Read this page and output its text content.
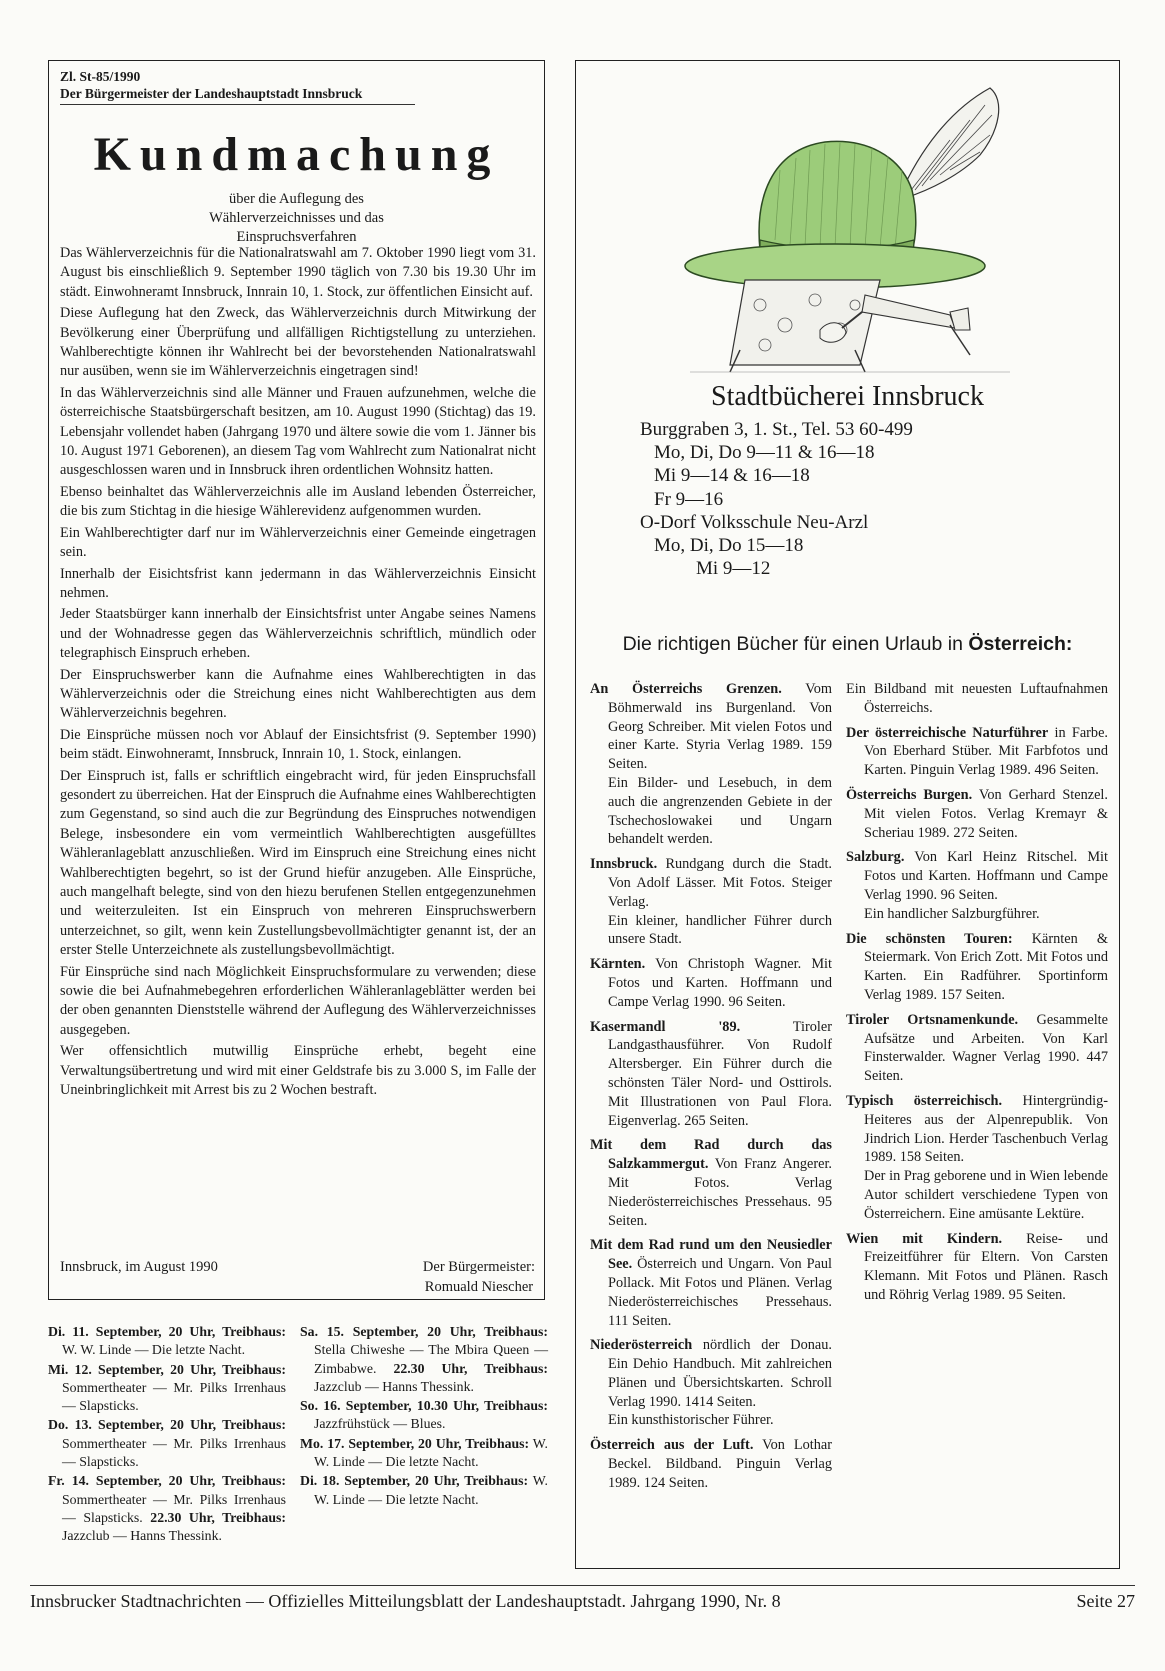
Zl. St-85/1990
Der Bürgermeister der Landeshauptstadt Innsbruck
Kundmachung
über die Auflegung des Wählerverzeichnisses und das Einspruchsverfahren

Das Wählerverzeichnis für die Nationalratswahl am 7. Oktober 1990 liegt vom 31. August bis einschließlich 9. September 1990 täglich von 7.30 bis 19.30 Uhr im städt. Einwohneramt Innsbruck, Innrain 10, 1. Stock, zur öffentlichen Einsicht auf.

Diese Auflegung hat den Zweck, das Wählerverzeichnis durch Mitwirkung der Bevölkerung einer Überprüfung und allfälligen Richtigstellung zu unterziehen. Wahlberechtigte können ihr Wahlrecht bei der bevorstehenden Nationalratswahl nur ausüben, wenn sie im Wählerverzeichnis eingetragen sind!

In das Wählerverzeichnis sind alle Männer und Frauen aufzunehmen, welche die österreichische Staatsbürgerschaft besitzen, am 10. August 1990 (Stichtag) das 19. Lebensjahr vollendet haben (Jahrgang 1970 und ältere sowie die vom 1. Jänner bis 10. August 1971 Geborenen), an diesem Tag vom Wahlrecht zum Nationalrat nicht ausgeschlossen waren und in Innsbruck ihren ordentlichen Wohnsitz hatten.

Ebenso beinhaltet das Wählerverzeichnis alle im Ausland lebenden Österreicher, die bis zum Stichtag in die hiesige Wählerevidenz aufgenommen wurden.

Ein Wahlberechtigter darf nur im Wählerverzeichnis einer Gemeinde eingetragen sein.

Innerhalb der Eisichtsfrist kann jedermann in das Wählerverzeichnis Einsicht nehmen.

Jeder Staatsbürger kann innerhalb der Einsichtsfrist unter Angabe seines Namens und der Wohnadresse gegen das Wählerverzeichnis schriftlich, mündlich oder telegraphisch Einspruch erheben.

Der Einspruchswerber kann die Aufnahme eines Wahlberechtigten in das Wählerverzeichnis oder die Streichung eines nicht Wahlberechtigten aus dem Wählerverzeichnis begehren.

Die Einsprüche müssen noch vor Ablauf der Einsichtsfrist (9. September 1990) beim städt. Einwohneramt, Innsbruck, Innrain 10, 1. Stock, einlangen.

Der Einspruch ist, falls er schriftlich eingebracht wird, für jeden Einspruchsfall gesondert zu überreichen. Hat der Einspruch die Aufnahme eines Wahlberechtigten zum Gegenstand, so sind auch die zur Begründung des Einspruches notwendigen Belege, insbesondere ein vom vermeintlich Wahlberechtigten ausgefülltes Wähleranlageblatt anzuschließen. Wird im Einspruch eine Streichung eines nicht Wahlberechtigten begehrt, so ist der Grund hiefür anzugeben. Alle Einsprüche, auch mangelhaft belegte, sind von den hiezu berufenen Stellen entgegenzunehmen und weiterzuleiten. Ist ein Einspruch von mehreren Einspruchswerbern unterzeichnet, so gilt, wenn kein Zustellungsbevollmächtigter genannt ist, der an erster Stelle Unterzeichnete als zustellungsbevollmächtigt.

Für Einsprüche sind nach Möglichkeit Einspruchsformulare zu verwenden; diese sowie die bei Aufnahmebegehren erforderlichen Wähleranlageblätter werden bei der oben genannten Dienststelle während der Auflegung des Wählerverzeichnisses ausgegeben.

Wer offensichtlich mutwillig Einsprüche erhebt, begeht eine Verwaltungsübertretung und wird mit einer Geldstrafe bis zu 3.000 S, im Falle der Uneinbringlichkeit mit Arrest bis zu 2 Wochen bestraft.

Innsbruck, im August 1990	Der Bürgermeister:
Romuald Niescher
Di. 11. September, 20 Uhr, Treibhaus: W. W. Linde — Die letzte Nacht.
Mi. 12. September, 20 Uhr, Treibhaus: Sommertheater — Mr. Pilks Irrenhaus — Slapsticks.
Do. 13. September, 20 Uhr, Treibhaus: Sommertheater — Mr. Pilks Irrenhaus — Slapsticks.
Fr. 14. September, 20 Uhr, Treibhaus: Sommertheater — Mr. Pilks Irrenhaus — Slapsticks. 22.30 Uhr, Treibhaus: Jazzclub — Hanns Thessink.
Sa. 15. September, 20 Uhr, Treibhaus: Stella Chiweshe — The Mbira Queen — Zimbabwe. 22.30 Uhr, Treibhaus: Jazzclub — Hanns Thessink.
So. 16. September, 10.30 Uhr, Treibhaus: Jazzfrühstück — Blues.
Mo. 17. September, 20 Uhr, Treibhaus: W. W. Linde — Die letzte Nacht.
Di. 18. September, 20 Uhr, Treibhaus: W. W. Linde — Die letzte Nacht.
Stadtbücherei Innsbruck
Burggraben 3, 1. St., Tel. 53 60-499
Mo, Di, Do 9—11 & 16—18
Mi 9—14 & 16—18
Fr 9—16
O-Dorf Volksschule Neu-Arzl
Mo, Di, Do 15—18
Mi 9—12
Die richtigen Bücher für einen Urlaub in Österreich:
An Österreichs Grenzen. Vom Böhmerwald ins Burgenland. Von Georg Schreiber. Mit vielen Fotos und einer Karte. Styria Verlag 1989. 159 Seiten.
Ein Bilder- und Lesebuch, in dem auch die angrenzenden Gebiete in der Tschechoslowakei und Ungarn behandelt werden.
Innsbruck. Rundgang durch die Stadt. Von Adolf Lässer. Mit Fotos. Steiger Verlag.
Ein kleiner, handlicher Führer durch unsere Stadt.
Kärnten. Von Christoph Wagner. Mit Fotos und Karten. Hoffmann und Campe Verlag 1990. 96 Seiten.
Kasermandl '89.	Tiroler Landgasthausführer. Von Rudolf Altersberger. Ein Führer durch die schönsten Täler Nord- und Osttirols. Mit Illustrationen von Paul Flora. Eigenverlag. 265 Seiten.
Mit dem Rad durch das Salzkammergut. Von Franz Angerer. Mit Fotos. Verlag Niederösterreichisches Pressehaus. 95 Seiten.
Mit dem Rad rund um den Neusiedler See. Österreich und Ungarn. Von Paul Pollack. Mit Fotos und Plänen. Verlag Niederösterreichisches Pressehaus. 111 Seiten.
Niederösterreich nördlich der Donau. Ein Dehio Handbuch. Mit zahlreichen Plänen und Übersichtskarten. Schroll Verlag 1990. 1414 Seiten.
Ein kunsthistorischer Führer.
Österreich aus der Luft. Von Lothar Beckel. Bildband. Pinguin Verlag 1989. 124 Seiten.
Ein Bildband mit neuesten Luftaufnahmen Österreichs.
Der österreichische Naturführer in Farbe. Von Eberhard Stüber. Mit Farbfotos und Karten. Pinguin Verlag 1989. 496 Seiten.
Österreichs Burgen. Von Gerhard Stenzel. Mit vielen Fotos. Verlag Kremayr & Scheriau 1989. 272 Seiten.
Salzburg. Von Karl Heinz Ritschel. Mit Fotos und Karten. Hoffmann und Campe Verlag 1990. 96 Seiten.
Ein handlicher Salzburgführer.
Die schönsten Touren: Kärnten & Steiermark. Von Erich Zott. Mit Fotos und Karten. Ein Radführer. Sportinform Verlag 1989. 157 Seiten.
Tiroler Ortsnamenkunde. Gesammelte Aufsätze und Arbeiten. Von Karl Finsterwalder. Wagner Verlag 1990. 447 Seiten.
Typisch österreichisch. Hintergründig-Heiteres aus der Alpenrepublik. Von Jindrich Lion. Herder Taschenbuch Verlag 1989. 158 Seiten.
Der in Prag geborene und in Wien lebende Autor schildert verschiedene Typen von Österreichern. Eine amüsante Lektüre.
Wien mit Kindern. Reise- und Freizeitführer für Eltern. Von Carsten Klemann. Mit Fotos und Plänen. Rasch und Röhrig Verlag 1989. 95 Seiten.
Innsbrucker Stadtnachrichten — Offizielles Mitteilungsblatt der Landeshauptstadt. Jahrgang 1990, Nr. 8	Seite 27
